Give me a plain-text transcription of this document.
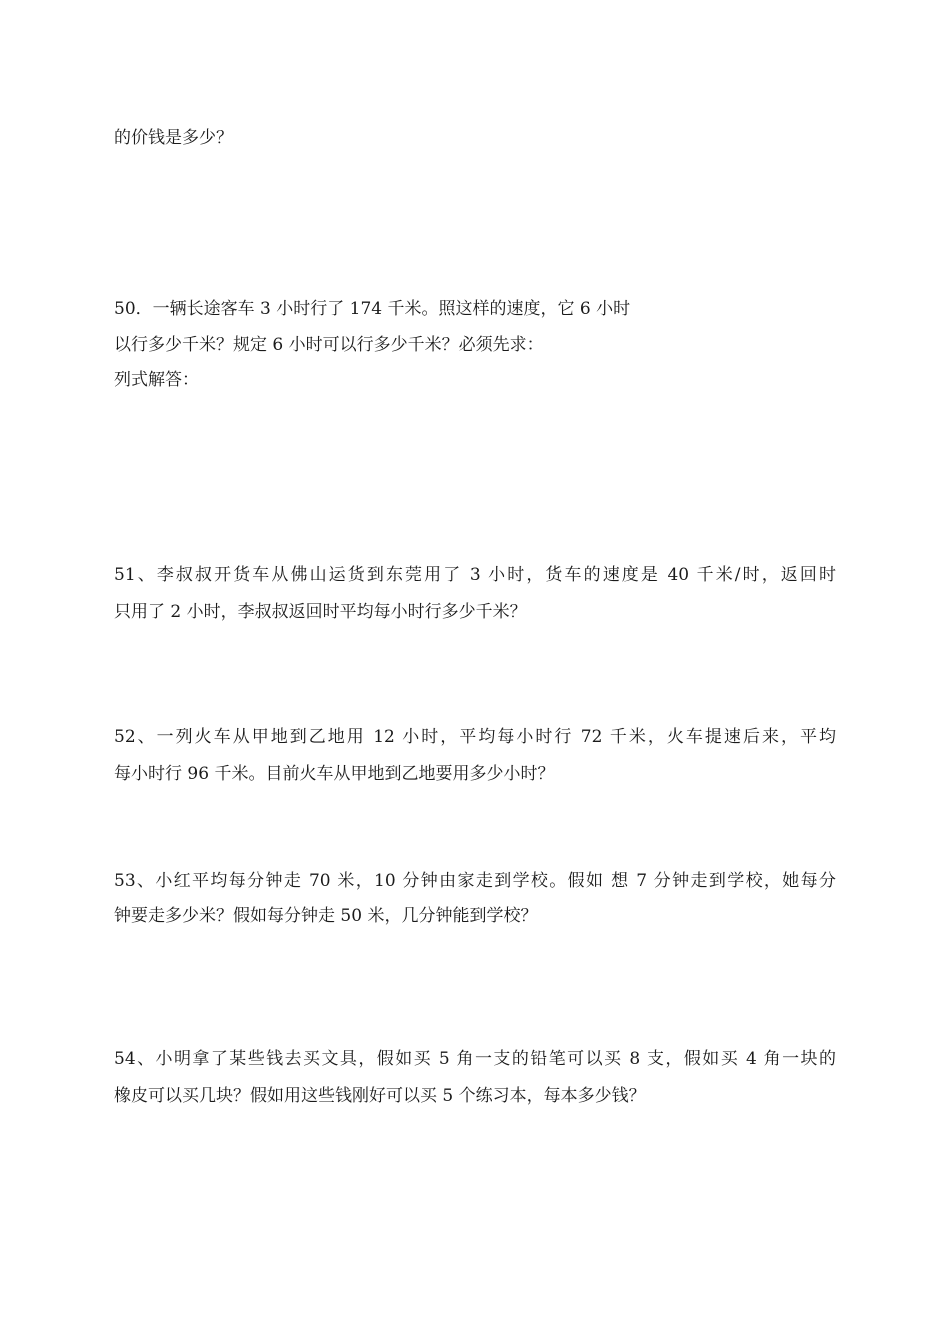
的价钱是多少？

50．一辆长途客车 3 小时行了 174 千米。照这样的速度，它 6 小时

以行多少千米？规定 6 小时可以行多少千米？必须先求：

列式解答：

51、李叔叔开货车从佛山运货到东莞用了 3 小时，货车的速度是 40 千米/时，返回时

只用了 2 小时，李叔叔返回时平均每小时行多少千米？

52、一列火车从甲地到乙地用 12 小时，平均每小时行 72 千米，火车提速后来，平均

每小时行 96 千米。目前火车从甲地到乙地要用多少小时？

53、小红平均每分钟走 70 米，10 分钟由家走到学校。假如 想 7 分钟走到学校，她每分

钟要走多少米？假如每分钟走 50 米，几分钟能到学校？

54、小明拿了某些钱去买文具，假如买 5 角一支的铅笔可以买 8 支，假如买 4 角一块的

橡皮可以买几块？假如用这些钱刚好可以买 5 个练习本，每本多少钱？
